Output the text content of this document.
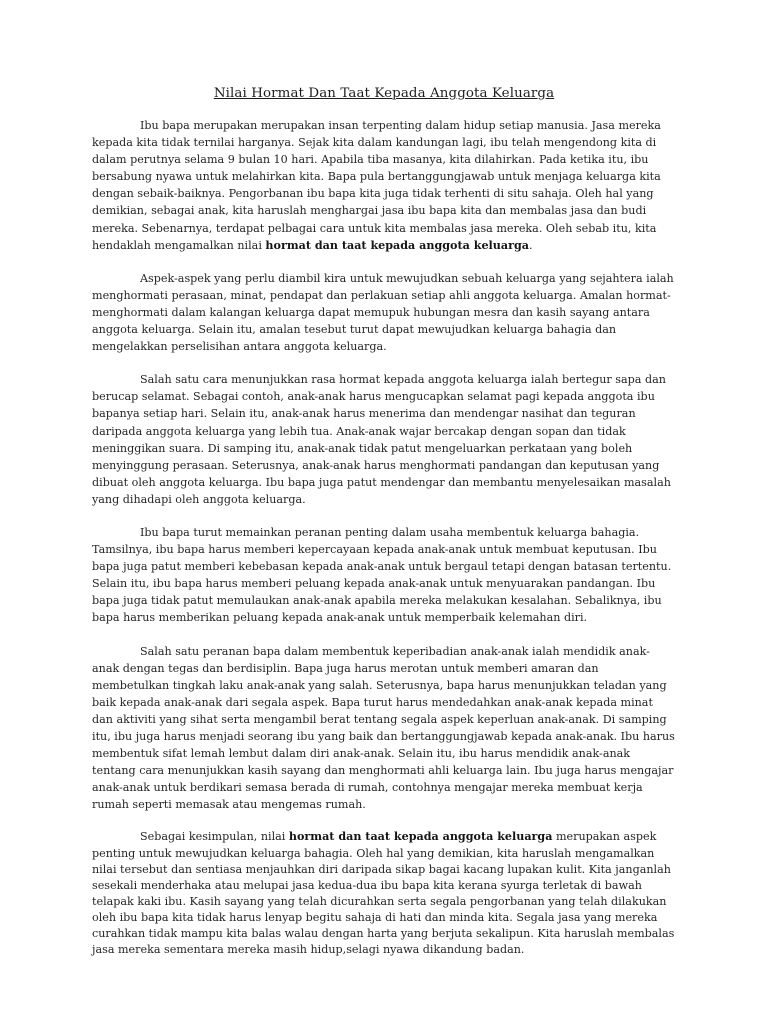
Nilai Hormat Dan Taat Kepada Anggota Keluarga

Ibu bapa merupakan merupakan insan terpenting dalam hidup setiap manusia. Jasa mereka kepada kita tidak ternilai harganya. Sejak kita dalam kandungan lagi, ibu telah mengendong kita di dalam perutnya selama 9 bulan 10 hari. Apabila tiba masanya, kita dilahirkan. Pada ketika itu, ibu bersabung nyawa untuk melahirkan kita. Bapa pula bertanggungjawab untuk menjaga keluarga kita dengan sebaik-baiknya. Pengorbanan ibu bapa kita juga tidak terhenti di situ sahaja. Oleh hal yang demikian, sebagai anak, kita haruslah menghargai jasa ibu bapa kita dan membalas jasa dan budi mereka. Sebenarnya, terdapat pelbagai cara untuk kita membalas jasa mereka. Oleh sebab itu, kita hendaklah mengamalkan nilai hormat dan taat kepada anggota keluarga.

Aspek-aspek yang perlu diambil kira untuk mewujudkan sebuah keluarga yang sejahtera ialah menghormati perasaan, minat, pendapat dan perlakuan setiap ahli anggota keluarga. Amalan hormat-menghormati dalam kalangan keluarga dapat memupuk hubungan mesra dan kasih sayang antara anggota keluarga. Selain itu, amalan tesebut turut dapat mewujudkan keluarga bahagia dan mengelakkan perselisihan antara anggota keluarga.

Salah satu cara menunjukkan rasa hormat kepada anggota keluarga ialah bertegur sapa dan berucap selamat. Sebagai contoh, anak-anak harus mengucapkan selamat pagi kepada anggota ibu bapanya setiap hari. Selain itu, anak-anak harus menerima dan mendengar nasihat dan teguran daripada anggota keluarga yang lebih tua. Anak-anak wajar bercakap dengan sopan dan tidak meninggikan suara. Di samping itu, anak-anak tidak patut mengeluarkan perkataan yang boleh menyinggung perasaan. Seterusnya, anak-anak harus menghormati pandangan dan keputusan yang dibuat oleh anggota keluarga. Ibu bapa juga patut mendengar dan membantu menyelesaikan masalah yang dihadapi oleh anggota keluarga.

Ibu bapa turut memainkan peranan penting dalam usaha membentuk keluarga bahagia. Tamsilnya, ibu bapa harus memberi kepercayaan kepada anak-anak untuk membuat keputusan. Ibu bapa juga patut memberi kebebasan kepada anak-anak untuk bergaul tetapi dengan batasan tertentu. Selain itu, ibu bapa harus memberi peluang kepada anak-anak untuk menyuarakan pandangan. Ibu bapa juga tidak patut memulaukan anak-anak apabila mereka melakukan kesalahan. Sebaliknya, ibu bapa harus memberikan peluang kepada anak-anak untuk memperbaik kelemahan diri.

Salah satu peranan bapa dalam membentuk keperibadian anak-anak ialah mendidik anak-anak dengan tegas dan berdisiplin. Bapa juga harus merotan untuk memberi amaran dan membetulkan tingkah laku anak-anak yang salah. Seterusnya, bapa harus menunjukkan teladan yang baik kepada anak-anak dari segala aspek. Bapa turut harus mendedahkan anak-anak kepada minat dan aktiviti yang sihat serta mengambil berat tentang segala aspek keperluan anak-anak. Di samping itu, ibu juga harus menjadi seorang ibu yang baik dan bertanggungjawab kepada anak-anak. Ibu harus membentuk sifat lemah lembut dalam diri anak-anak. Selain itu, ibu harus mendidik anak-anak tentang cara menunjukkan kasih sayang dan menghormati ahli keluarga lain. Ibu juga harus mengajar anak-anak untuk berdikari semasa berada di rumah, contohnya mengajar mereka membuat kerja rumah seperti memasak atau mengemas rumah.

Sebagai kesimpulan, nilai hormat dan taat kepada anggota keluarga merupakan aspek penting untuk mewujudkan keluarga bahagia. Oleh hal yang demikian, kita haruslah mengamalkan nilai tersebut dan sentiasa menjauhkan diri daripada sikap bagai kacang lupakan kulit. Kita janganlah sesekali menderhaka atau melupai jasa kedua-dua ibu bapa kita kerana syurga terletak di bawah telapak kaki ibu. Kasih sayang yang telah dicurahkan serta segala pengorbanan yang telah dilakukan oleh ibu bapa kita tidak harus lenyap begitu sahaja di hati dan minda kita. Segala jasa yang mereka curahkan tidak mampu kita balas walau dengan harta yang berjuta sekalipun. Kita haruslah membalas jasa mereka sementara mereka masih hidup,selagi nyawa dikandung badan.
